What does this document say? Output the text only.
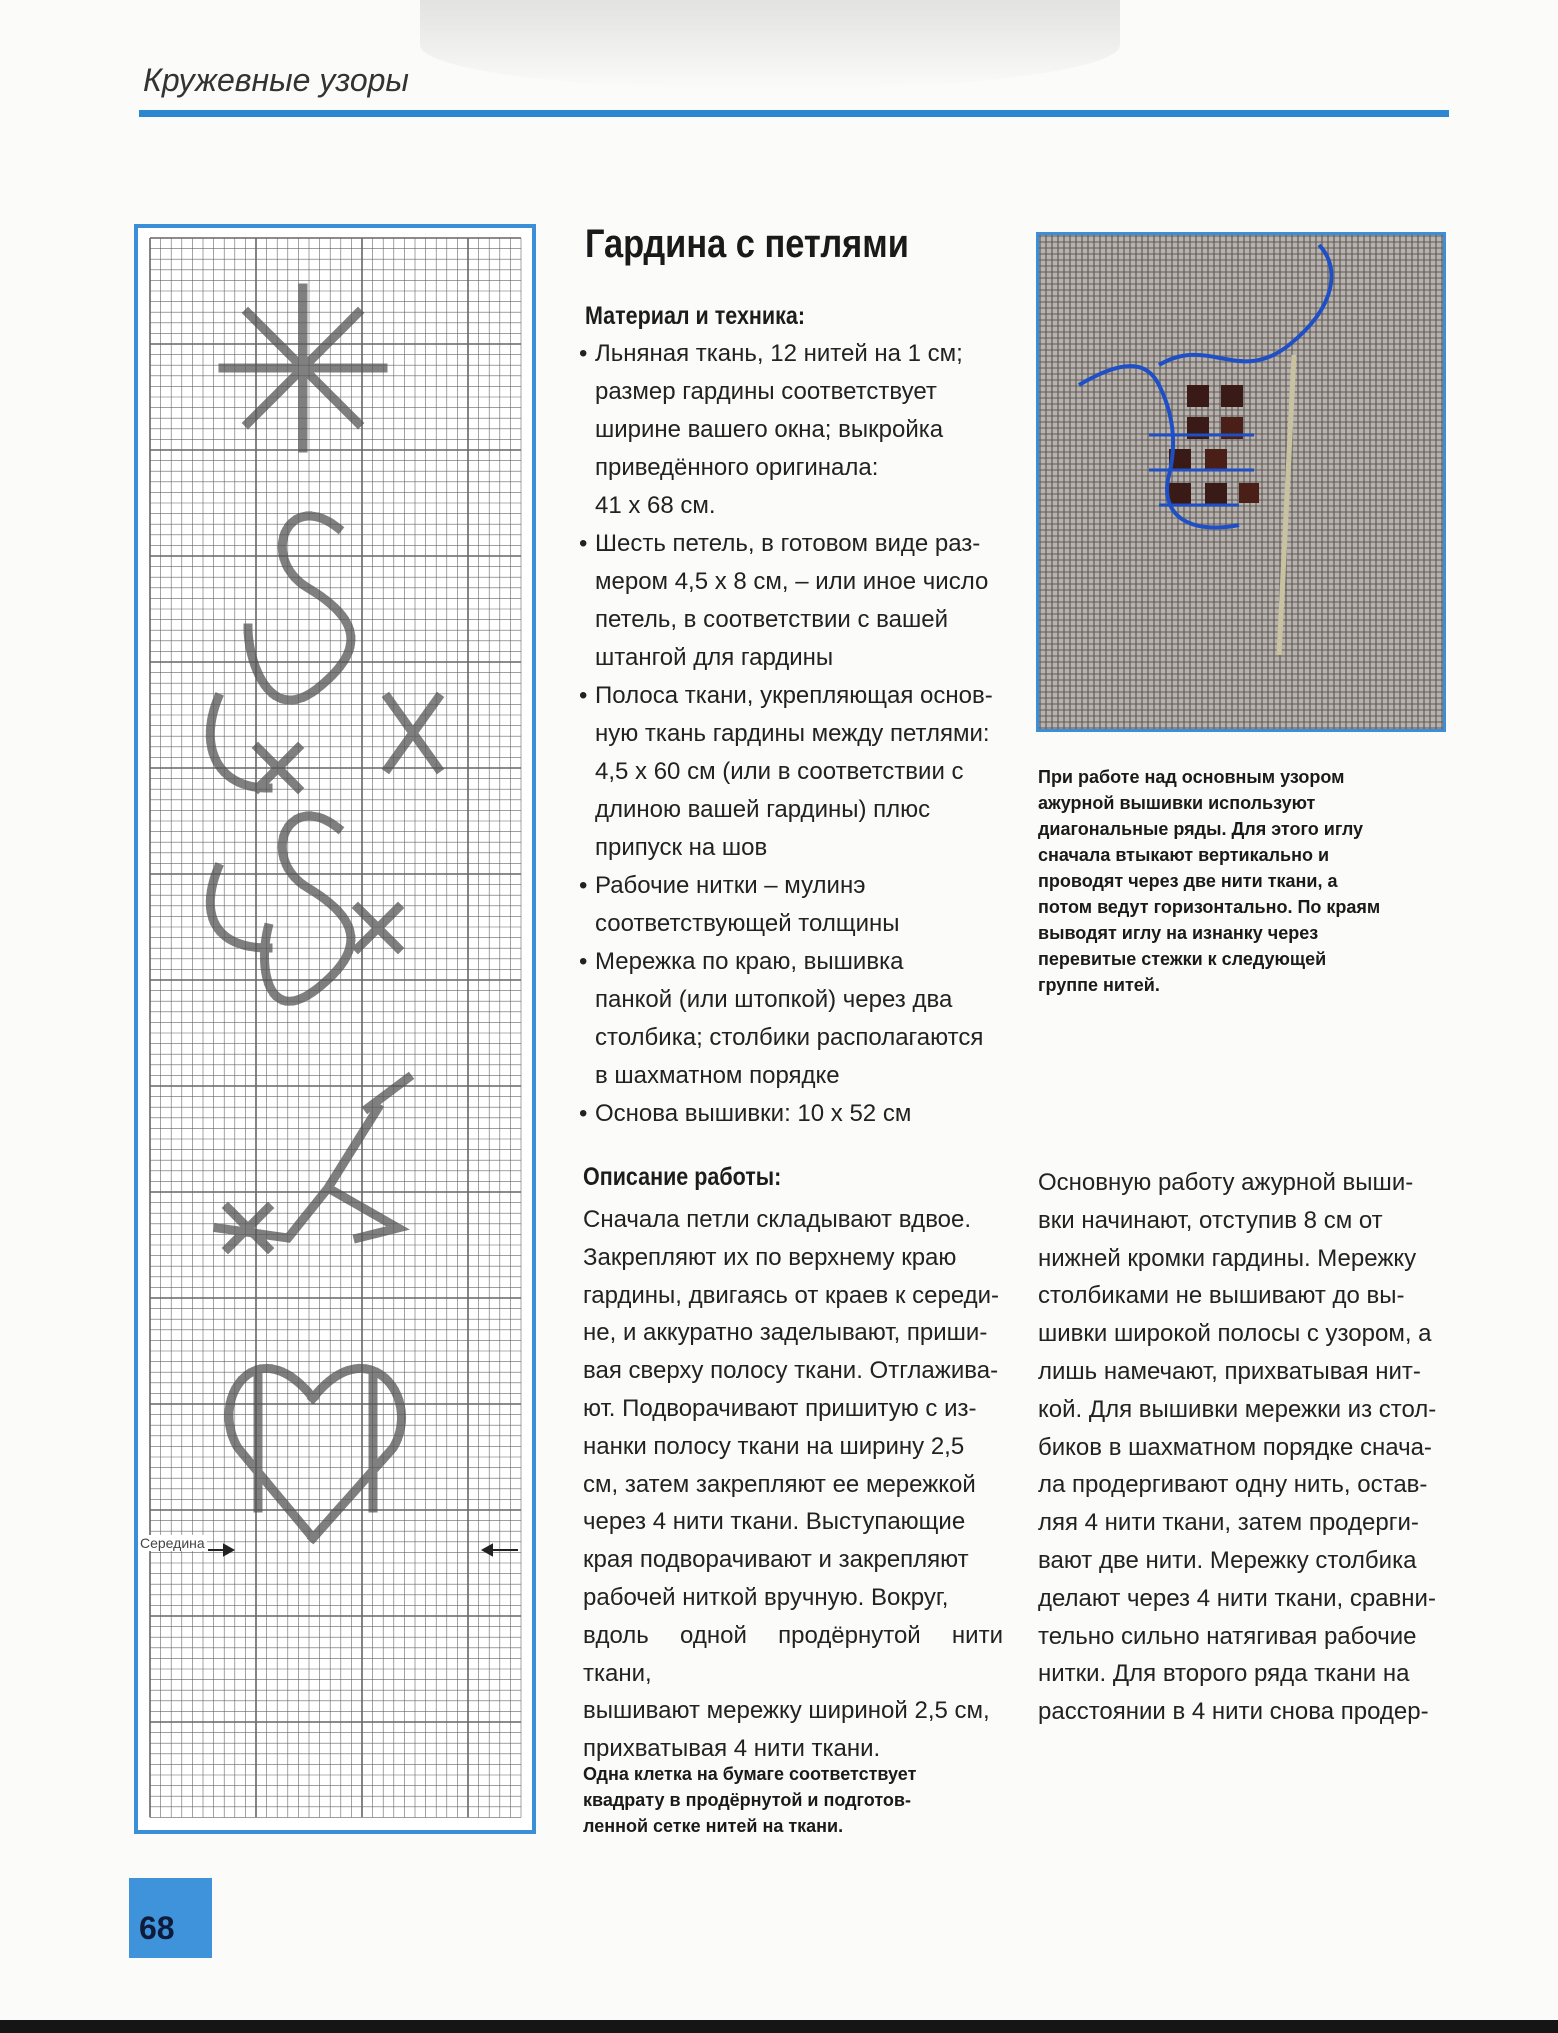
Кружевные узоры
Середина
Гардина с петлями
Материал и техника:
• Льняная ткань, 12 нитей на 1 см;
размер гардины соответствует
ширине вашего окна; выкройка
приведённого оригинала:
41 x 68 см.
• Шесть петель, в готовом виде раз-
мером 4,5 x 8 см, – или иное число
петель, в соответствии с вашей
штангой для гардины
• Полоса ткани, укрепляющая основ-
ную ткань гардины между петлями:
4,5 x 60 см (или в соответствии с
длиною вашей гардины) плюс
припуск на шов
• Рабочие нитки – мулинэ
соответствующей толщины
• Мережка по краю, вышивка
панкой (или штопкой) через два
столбика; столбики располагаются
в шахматном порядке
• Основа вышивки: 10 x 52 см
При работе над основным узором
ажурной вышивки используют
диагональные ряды. Для этого иглу
сначала втыкают вертикально и
проводят через две нити ткани, а
потом ведут горизонтально. По краям
выводят иглу на изнанку через
перевитые стежки к следующей
группе нитей.
Описание работы:
Сначала петли складывают вдвое.
Закрепляют их по верхнему краю
гардины, двигаясь от краев к середи-
не, и аккуратно заделывают, приши-
вая сверху полосу ткани. Отглажива-
ют. Подворачивают пришитую с из-
нанки полосу ткани на ширину 2,5
см, затем закрепляют ее мережкой
через 4 нити ткани. Выступающие
края подворачивают и закрепляют
рабочей ниткой вручную. Вокруг,
вдоль одной продёрнутой нити ткани,
вышивают мережку шириной 2,5 см,
прихватывая 4 нити ткани.
Основную работу ажурной выши-
вки начинают, отступив 8 см от
нижней кромки гардины. Мережку
столбиками не вышивают до вы-
шивки широкой полосы с узором, а
лишь намечают, прихватывая нит-
кой. Для вышивки мережки из стол-
биков в шахматном порядке снача-
ла продергивают одну нить, остав-
ляя 4 нити ткани, затем продерги-
вают две нити. Мережку столбика
делают через 4 нити ткани, сравни-
тельно сильно натягивая рабочие
нитки. Для второго ряда ткани на
расстоянии в 4 нити снова продер-
Одна клетка на бумаге соответствует
квадрату в продёрнутой и подготов-
ленной сетке нитей на ткани.
68
